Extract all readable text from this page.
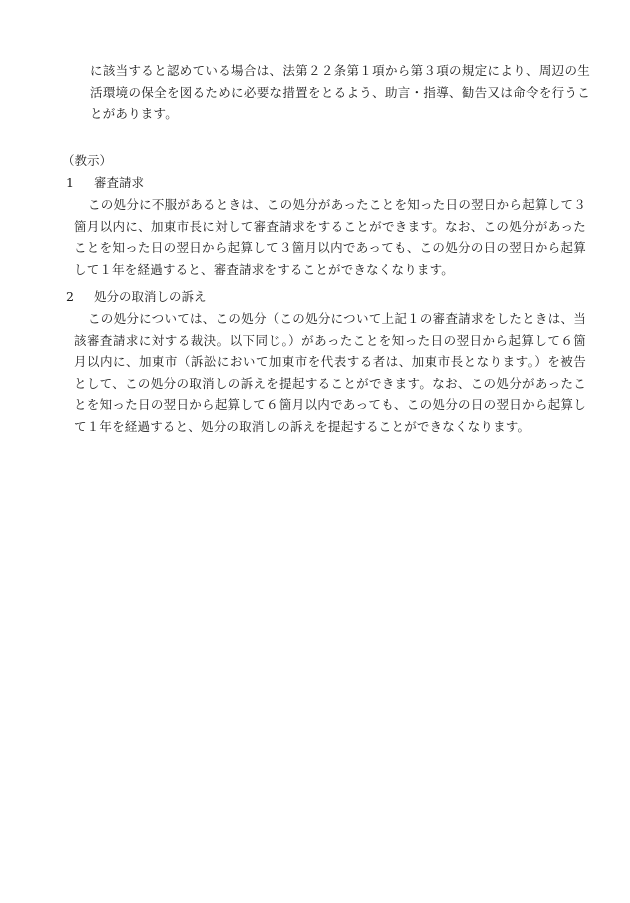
に該当すると認めている場合は、法第２２条第１項から第３項の規定により、周辺の生活環境の保全を図るために必要な措置をとるよう、助言・指導、勧告又は命令を行うことがあります。
（教示）
1 審査請求
この処分に不服があるときは、この処分があったことを知った日の翌日から起算して３箇月以内に、加東市長に対して審査請求をすることができます。なお、この処分があったことを知った日の翌日から起算して３箇月以内であっても、この処分の日の翌日から起算して１年を経過すると、審査請求をすることができなくなります。
2 処分の取消しの訴え
この処分については、この処分（この処分について上記１の審査請求をしたときは、当該審査請求に対する裁決。以下同じ。）があったことを知った日の翌日から起算して６箇月以内に、加東市（訴訟において加東市を代表する者は、加東市長となります。）を被告として、この処分の取消しの訴えを提起することができます。なお、この処分があったことを知った日の翌日から起算して６箇月以内であっても、この処分の日の翌日から起算して１年を経過すると、処分の取消しの訴えを提起することができなくなります。
